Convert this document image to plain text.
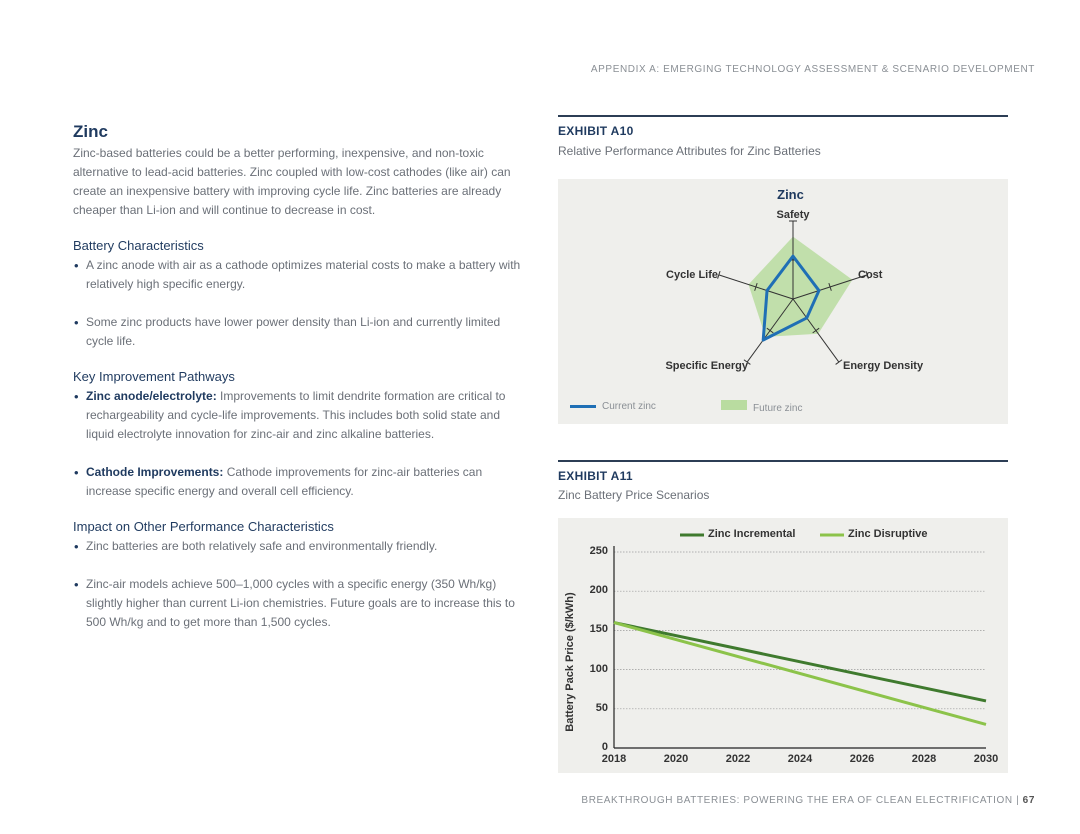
APPENDIX A: EMERGING TECHNOLOGY ASSESSMENT & SCENARIO DEVELOPMENT
Zinc

Zinc-based batteries could be a better performing, inexpensive, and non-toxic alternative to lead-acid batteries. Zinc coupled with low-cost cathodes (like air) can create an inexpensive battery with improving cycle life. Zinc batteries are already cheaper than Li-ion and will continue to decrease in cost.

Battery Characteristics
• A zinc anode with air as a cathode optimizes material costs to make a battery with relatively high specific energy.
• Some zinc products have lower power density than Li-ion and currently limited cycle life.
Key Improvement Pathways
• Zinc anode/electrolyte: Improvements to limit dendrite formation are critical to rechargeability and cycle-life improvements. This includes both solid state and liquid electrolyte innovation for zinc-air and zinc alkaline batteries.
• Cathode Improvements: Cathode improvements for zinc-air batteries can increase specific energy and overall cell efficiency.
Impact on Other Performance Characteristics
• Zinc batteries are both relatively safe and environmentally friendly.
• Zinc-air models achieve 500–1,000 cycles with a specific energy (350 Wh/kg) slightly higher than current Li-ion chemistries. Future goals are to increase this to 500 Wh/kg and to get more than 1,500 cycles.
EXHIBIT A10
Relative Performance Attributes for Zinc Batteries
Zinc
Safety
Cost
Energy Density
Specific Energy
Cycle Life
Current zinc	Future zinc
EXHIBIT A11
Zinc Battery Price Scenarios
0
50
100
150
200
250
2018	2020	2022	2024	2026	2028	2030
Zinc Incremental	Zinc Disruptive
Battery Pack Price ($/kWh)
BREAKTHROUGH BATTERIES: POWERING THE ERA OF CLEAN ELECTRIFICATION | 67
